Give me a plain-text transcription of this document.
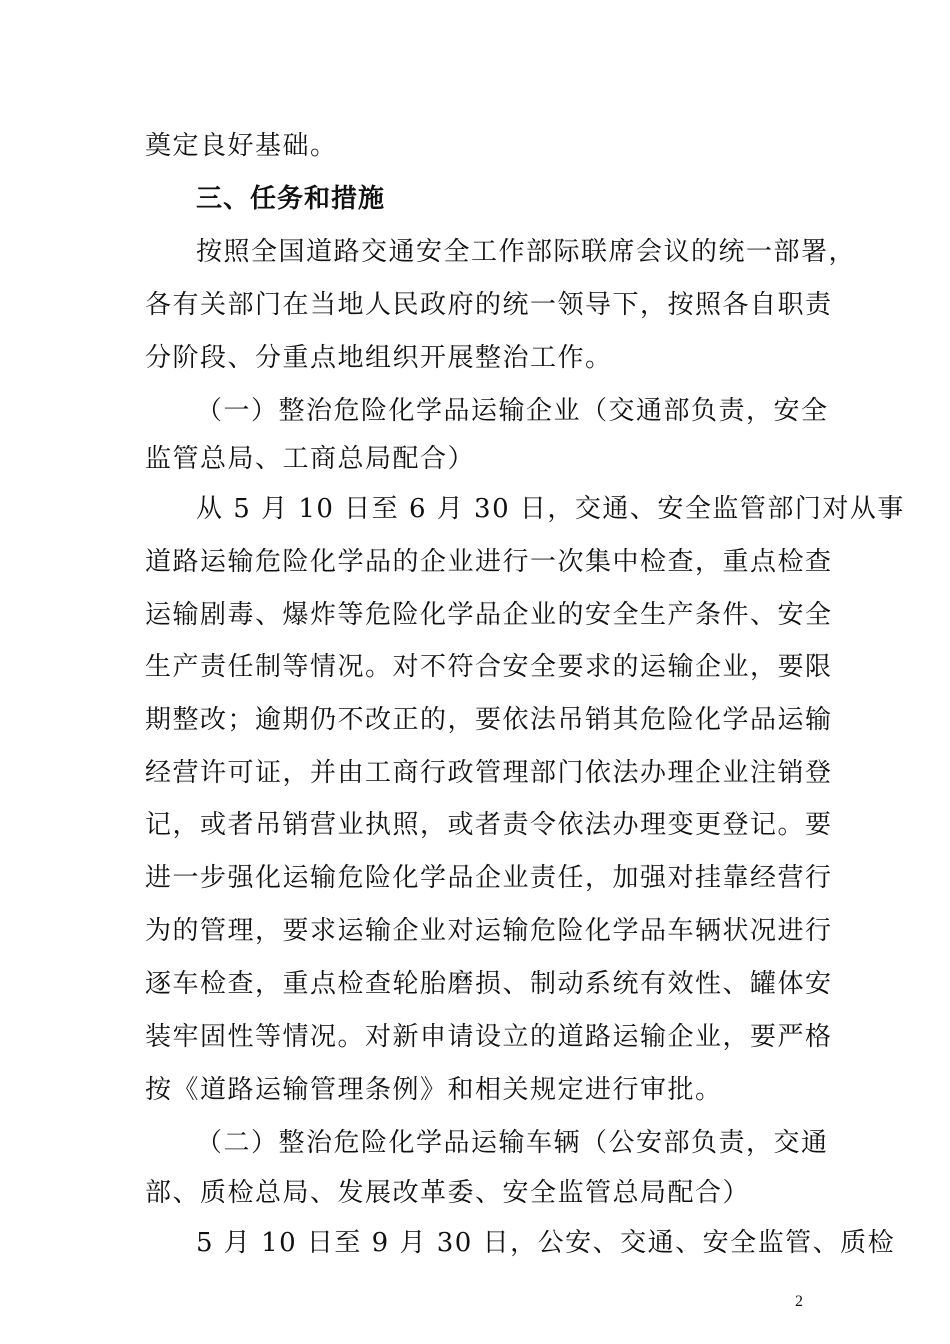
奠定良好基础。
三、任务和措施
按照全国道路交通安全工作部际联席会议的统一部署，
各有关部门在当地人民政府的统一领导下，按照各自职责
分阶段、分重点地组织开展整治工作。
（一）整治危险化学品运输企业（交通部负责，安全
监管总局、工商总局配合）
从 5 月 10 日至 6 月 30 日，交通、安全监管部门对从事
道路运输危险化学品的企业进行一次集中检查，重点检查
运输剧毒、爆炸等危险化学品企业的安全生产条件、安全
生产责任制等情况。对不符合安全要求的运输企业，要限
期整改；逾期仍不改正的，要依法吊销其危险化学品运输
经营许可证，并由工商行政管理部门依法办理企业注销登
记，或者吊销营业执照，或者责令依法办理变更登记。要
进一步强化运输危险化学品企业责任，加强对挂靠经营行
为的管理，要求运输企业对运输危险化学品车辆状况进行
逐车检查，重点检查轮胎磨损、制动系统有效性、罐体安
装牢固性等情况。对新申请设立的道路运输企业，要严格
按《道路运输管理条例》和相关规定进行审批。
（二）整治危险化学品运输车辆（公安部负责，交通
部、质检总局、发展改革委、安全监管总局配合）
5 月 10 日至 9 月 30 日，公安、交通、安全监管、质检
2
